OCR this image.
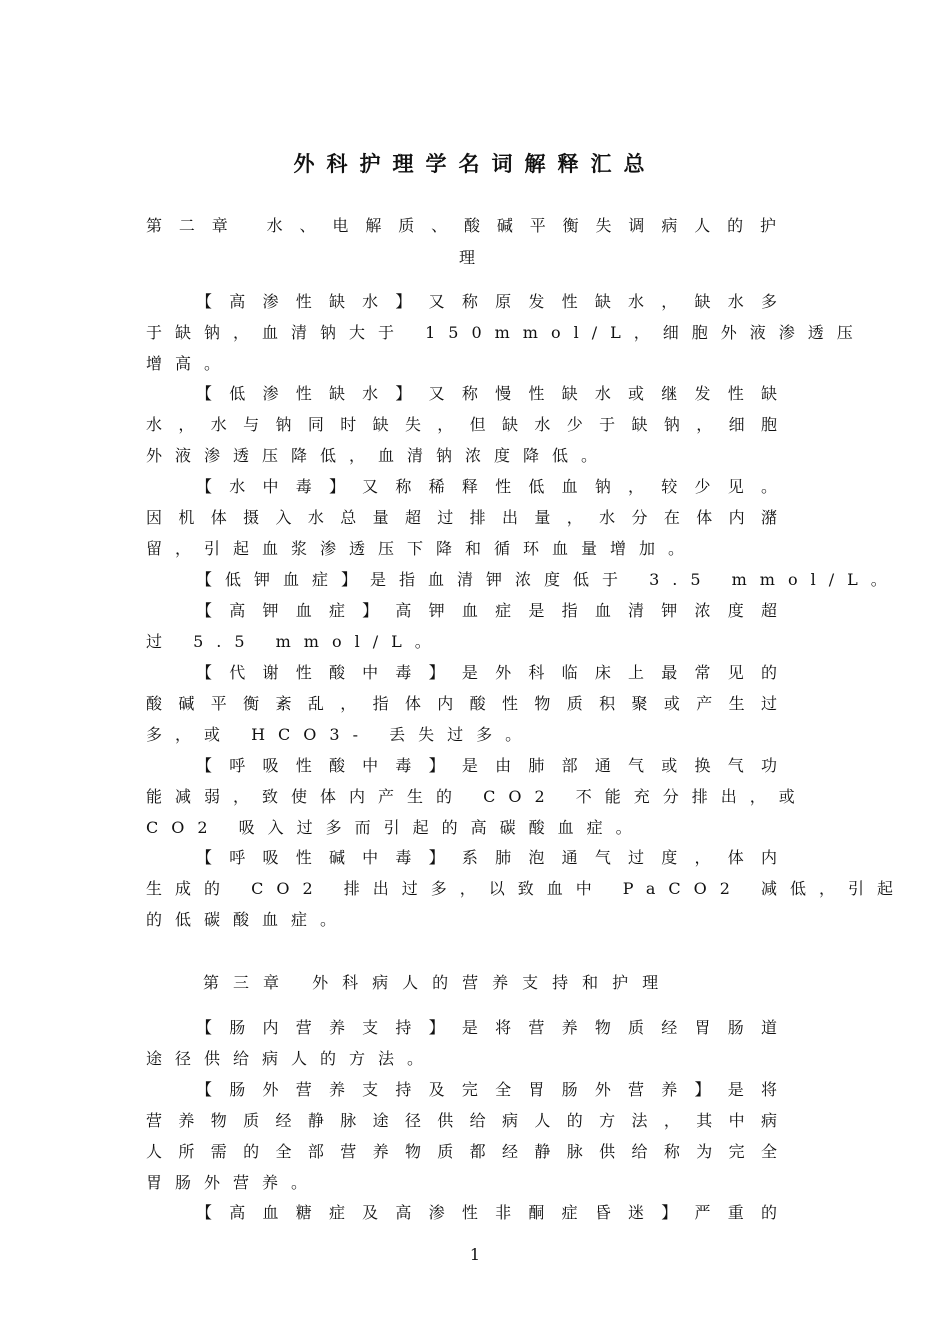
外科护理学名词解释汇总
第二章 水、电解质、酸碱平衡失调病人的护
理
【高渗性缺水】又称原发性缺水，缺水多
于缺钠，血清钠大于 150mmol/L，细胞外液渗透压
增高。
【低渗性缺水】又称慢性缺水或继发性缺
水，水与钠同时缺失，但缺水少于缺钠，细胞
外液渗透压降低，血清钠浓度降低。
【水中毒】又称稀释性低血钠，较少见。
因机体摄入水总量超过排出量，水分在体内潴
留，引起血浆渗透压下降和循环血量增加。
【低钾血症】是指血清钾浓度低于 3.5 mmol/L。
【高钾血症】高钾血症是指血清钾浓度超
过 5.5 mmol/L。
【代谢性酸中毒】是外科临床上最常见的
酸碱平衡紊乱，指体内酸性物质积聚或产生过
多，或 HCO3- 丢失过多。
【呼吸性酸中毒】是由肺部通气或换气功
能减弱，致使体内产生的 CO2 不能充分排出，或
CO2 吸入过多而引起的高碳酸血症。
【呼吸性碱中毒】系肺泡通气过度，体内
生成的 CO2 排出过多，以致血中 PaCO2 减低，引起
的低碳酸血症。
第三章 外科病人的营养支持和护理
【肠内营养支持】是将营养物质经胃肠道
途径供给病人的方法。
【肠外营养支持及完全胃肠外营养】是将
营养物质经静脉途径供给病人的方法，其中病
人所需的全部营养物质都经静脉供给称为完全
胃肠外营养。
【高血糖症及高渗性非酮症昏迷】严重的
1
